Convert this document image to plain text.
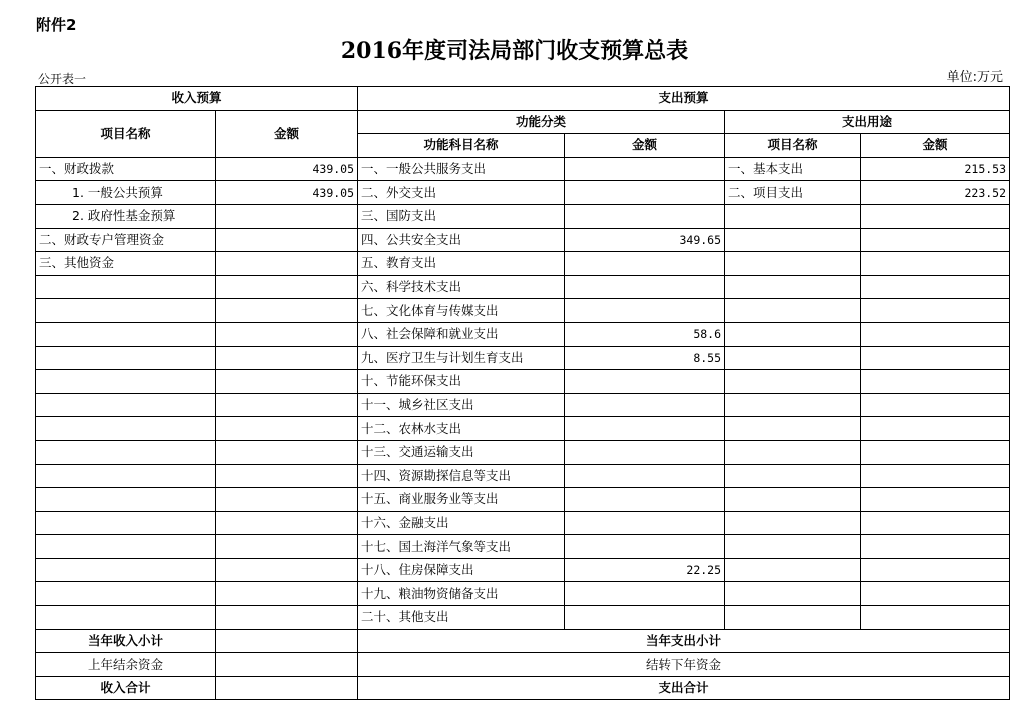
附件2
2016年度司法局部门收支预算总表
公开表一	单位:万元
收入预算		支出预算			
项目名称	金额	功能分类		支出用途	
		功能科目名称	金额	项目名称	金额
一、财政拨款	439.05	一、一般公共服务支出		一、基本支出	215.53
1. 一般公共预算	439.05	二、外交支出		二、项目支出	223.52
2. 政府性基金预算		三、国防支出			
二、财政专户管理资金		四、公共安全支出	349.65		
三、其他资金		五、教育支出			
		六、科学技术支出			
		七、文化体育与传媒支出			
		八、社会保障和就业支出	58.6		
		九、医疗卫生与计划生育支出	8.55		
		十、节能环保支出			
		十一、城乡社区支出			
		十二、农林水支出			
		十三、交通运输支出			
		十四、资源勘探信息等支出			
		十五、商业服务业等支出			
		十六、金融支出			
		十七、国土海洋气象等支出			
		十八、住房保障支出	22.25		
		十九、粮油物资储备支出			
		二十、其他支出			
当年收入小计		当年支出小计			
上年结余资金		结转下年资金			
收入合计		支出合计			
